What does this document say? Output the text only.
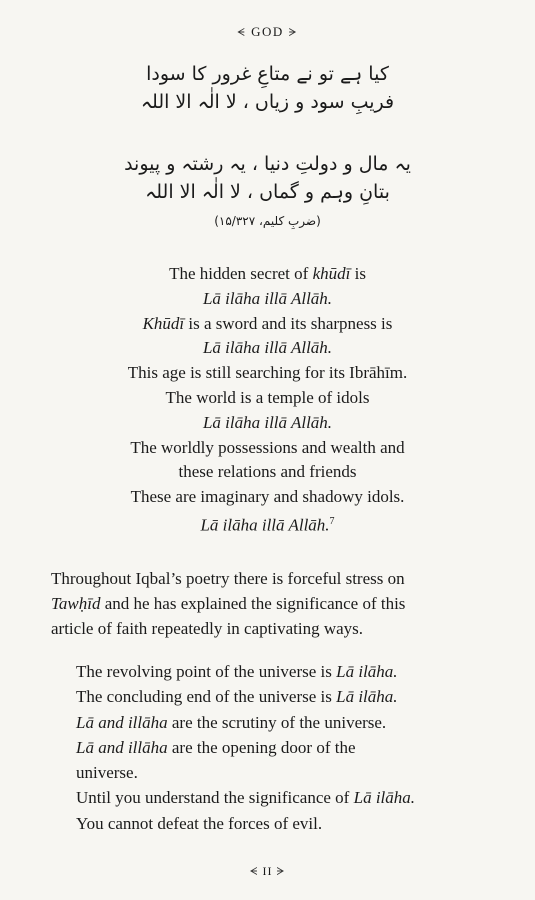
ᗕ GOD ᗒ
کیا ہے تو نے متاعِ غرور کا سودا
فریبِ سود و زیاں ، لا الٰہ الا اللہ
یہ مال و دولتِ دنیا ، یہ رشتہ و پیوند
بتانِ وہم و گماں ، لا الٰہ الا اللہ
(ضربِ کلیم، ۱۵/۳۲۷)
The hidden secret of khūdī is
Lā ilāha illā Allāh.
Khūdī is a sword and its sharpness is
Lā ilāha illā Allāh.
This age is still searching for its Ibrāhīm.
The world is a temple of idols
Lā ilāha illā Allāh.
The worldly possessions and wealth and
these relations and friends
These are imaginary and shadowy idols.
Lā ilāha illā Allāh.$^7$
Throughout Iqbal’s poetry there is forceful stress on
Tawḥīd and he has explained the significance of this
article of faith repeatedly in captivating ways.
The revolving point of the universe is Lā ilāha.
The concluding end of the universe is Lā ilāha.
Lā and illāha are the scrutiny of the universe.
Lā and illāha are the opening door of the
universe.
Until you understand the significance of Lā ilāha.
You cannot defeat the forces of evil.
ᗕ II ᗒ
